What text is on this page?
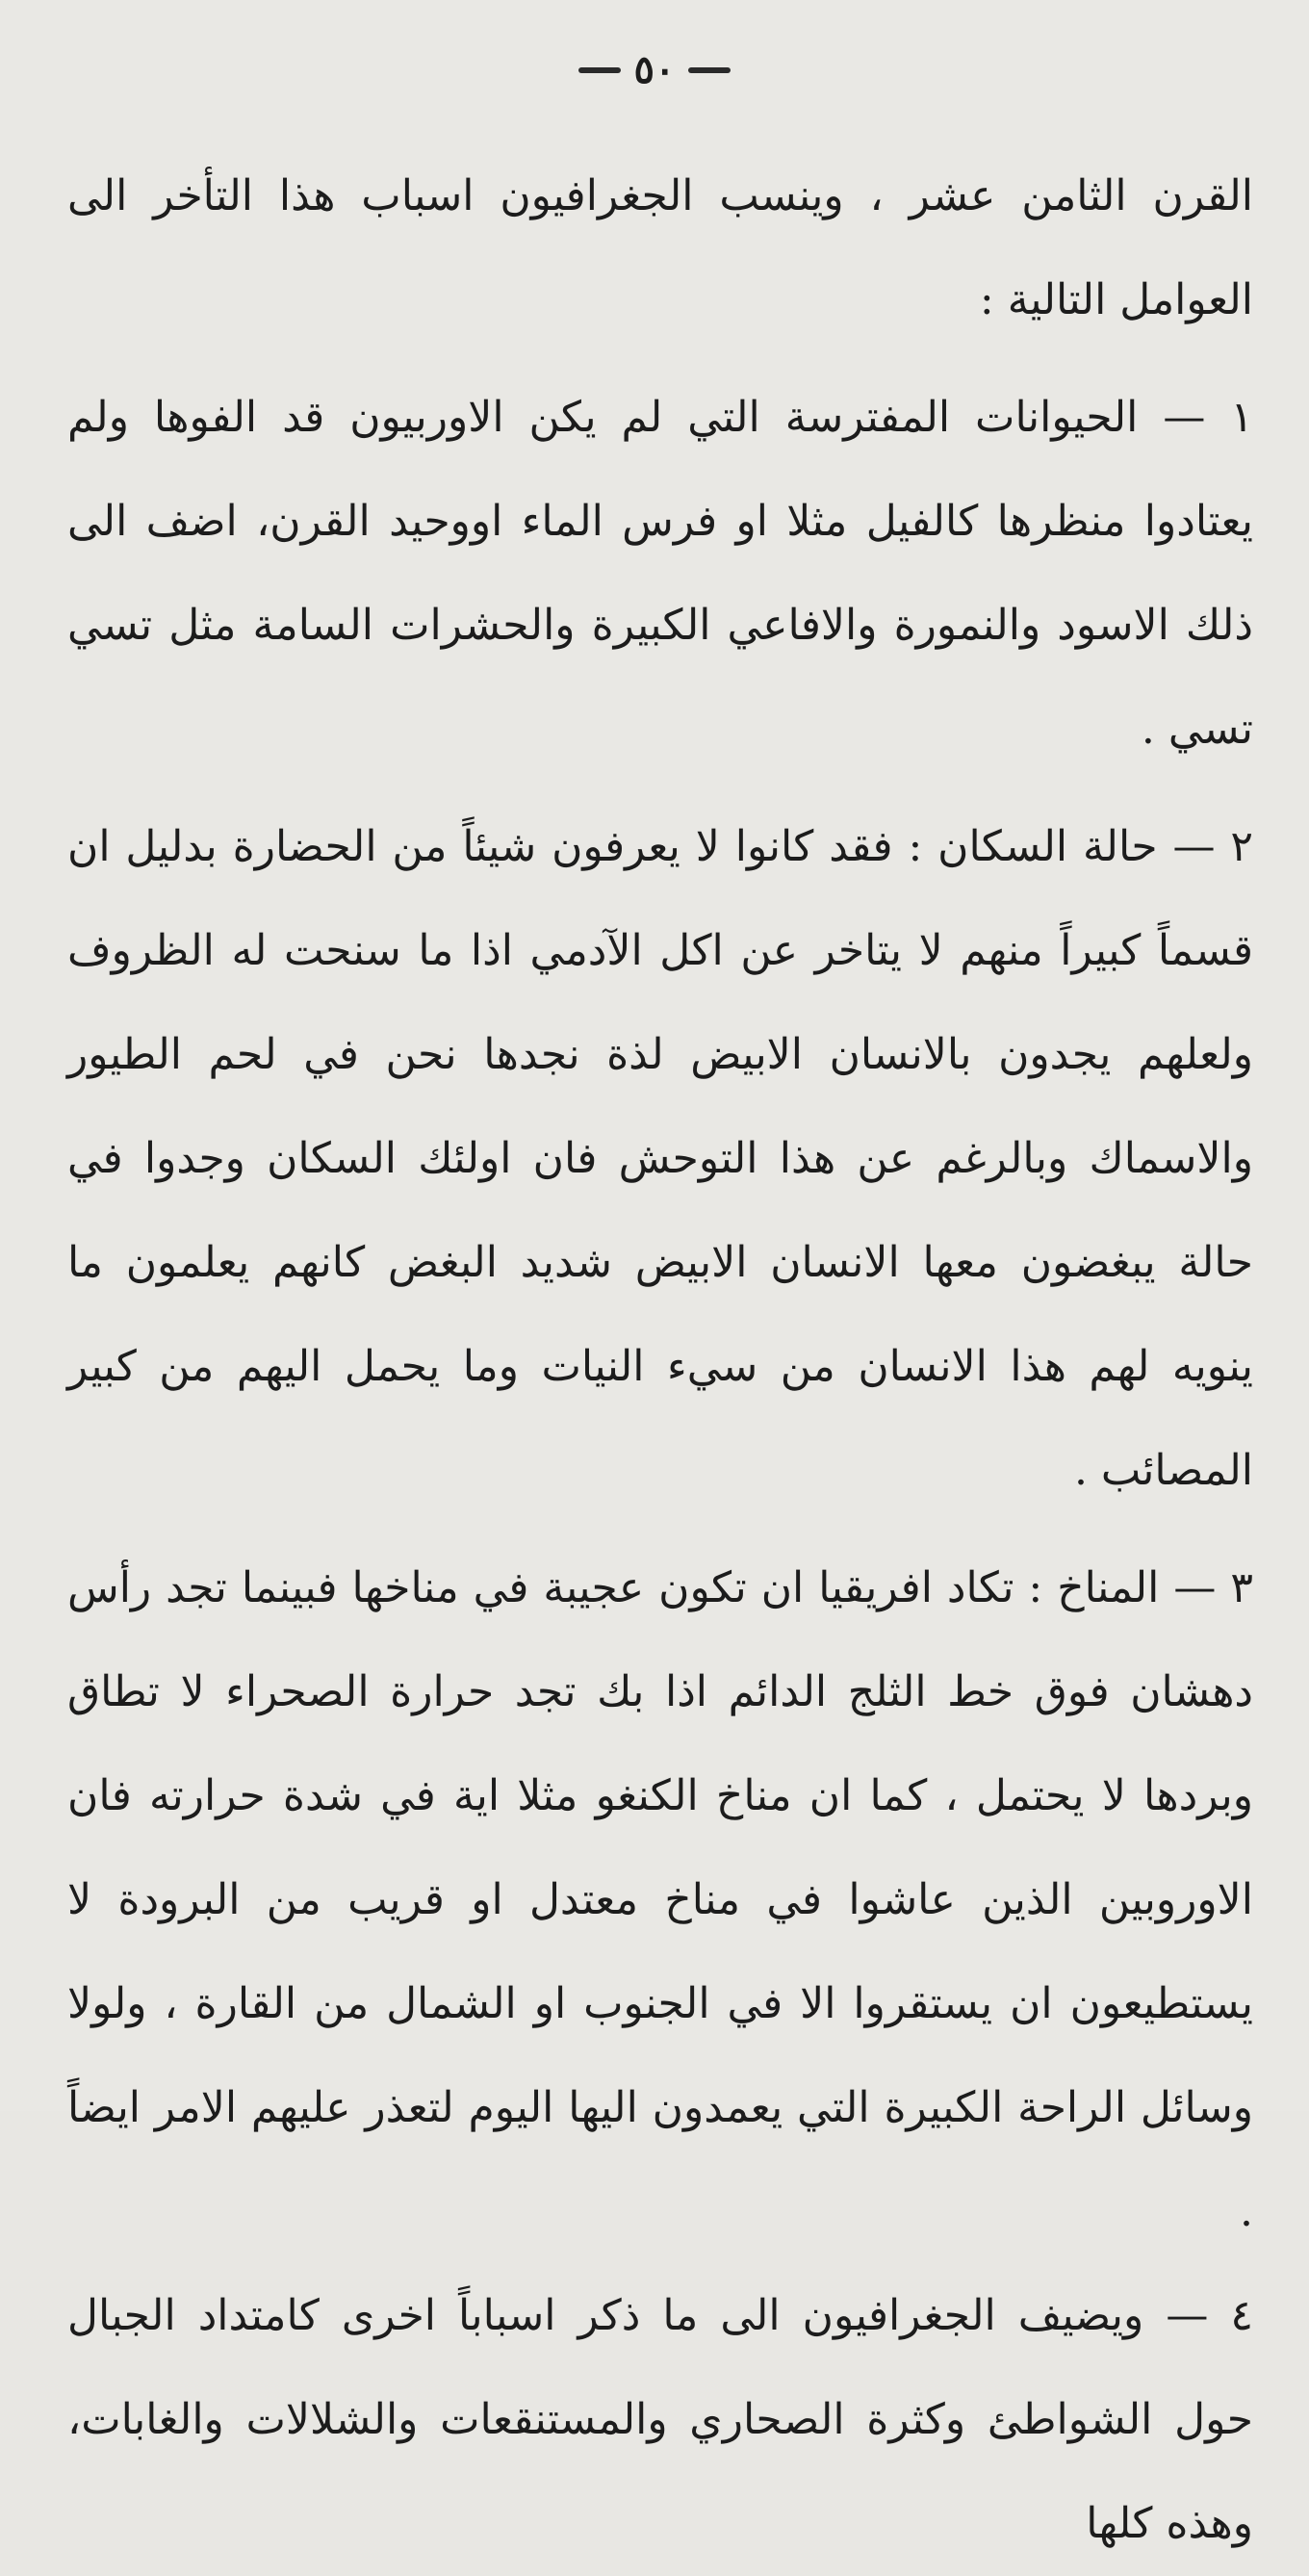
٥٠

القرن الثامن عشر ، وينسب الجغرافيون اسباب هذا التأخر الى العوامل التالية :

١ — الحيوانات المفترسة التي لم يكن الاوربيون قد الفوها ولم يعتادوا منظرها كالفيل مثلا او فرس الماء اووحيد القرن، اضف الى ذلك الاسود والنمورة والافاعي الكبيرة والحشرات السامة مثل تسي تسي .

٢ — حالة السكان : فقد كانوا لا يعرفون شيئاً من الحضارة بدليل ان قسماً كبيراً منهم لا يتاخر عن اكل الآدمي اذا ما سنحت له الظروف ولعلهم يجدون بالانسان الابيض لذة نجدها نحن في لحم الطيور والاسماك وبالرغم عن هذا التوحش فان اولئك السكان وجدوا في حالة يبغضون معها الانسان الابيض شديد البغض كانهم يعلمون ما ينويه لهم هذا الانسان من سيء النيات وما يحمل اليهم من كبير المصائب .

٣ — المناخ : تكاد افريقيا ان تكون عجيبة في مناخها فبينما تجد رأس دهشان فوق خط الثلج الدائم اذا بك تجد حرارة الصحراء لا تطاق وبردها لا يحتمل ، كما ان مناخ الكنغو مثلا اية في شدة حرارته فان الاوروبين الذين عاشوا في مناخ معتدل او قريب من البرودة لا يستطيعون ان يستقروا الا في الجنوب او الشمال من القارة ، ولولا وسائل الراحة الكبيرة التي يعمدون اليها اليوم لتعذر عليهم الامر ايضاً .

٤ — ويضيف الجغرافيون الى ما ذكر اسباباً اخرى كامتداد الجبال حول الشواطئ وكثرة الصحاري والمستنقعات والشلالات والغابات، وهذه كلها
